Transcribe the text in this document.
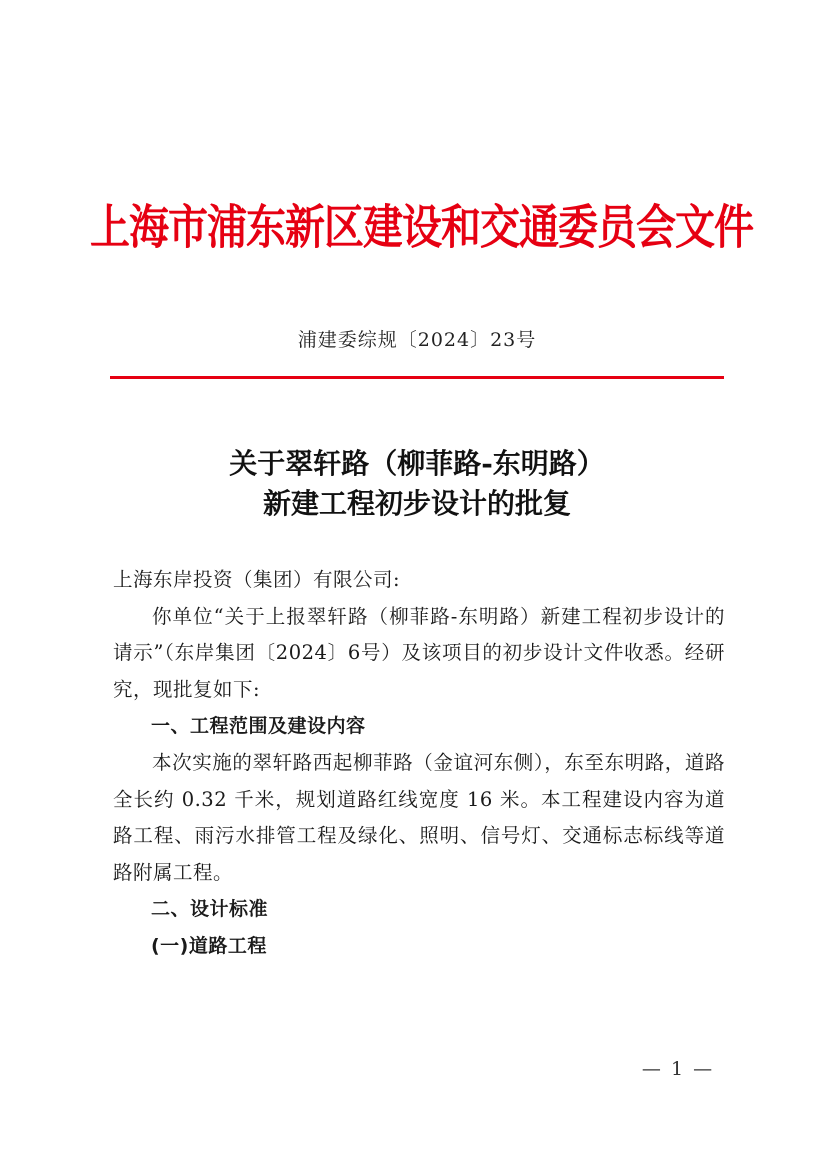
上海市浦东新区建设和交通委员会文件
浦建委综规〔2024〕23号
关于翠轩路（柳菲路-东明路）
新建工程初步设计的批复

上海东岸投资（集团）有限公司:

你单位“关于上报翠轩路（柳菲路-东明路）新建工程初步设计的请示”（东岸集团〔2024〕6号）及该项目的初步设计文件收悉。经研究，现批复如下:

一、工程范围及建设内容

本次实施的翠轩路西起柳菲路（金谊河东侧），东至东明路，道路全长约 0.32 千米，规划道路红线宽度 16 米。本工程建设内容为道路工程、雨污水排管工程及绿化、照明、信号灯、交通标志标线等道路附属工程。

二、设计标准

(一)道路工程

— 1 —
